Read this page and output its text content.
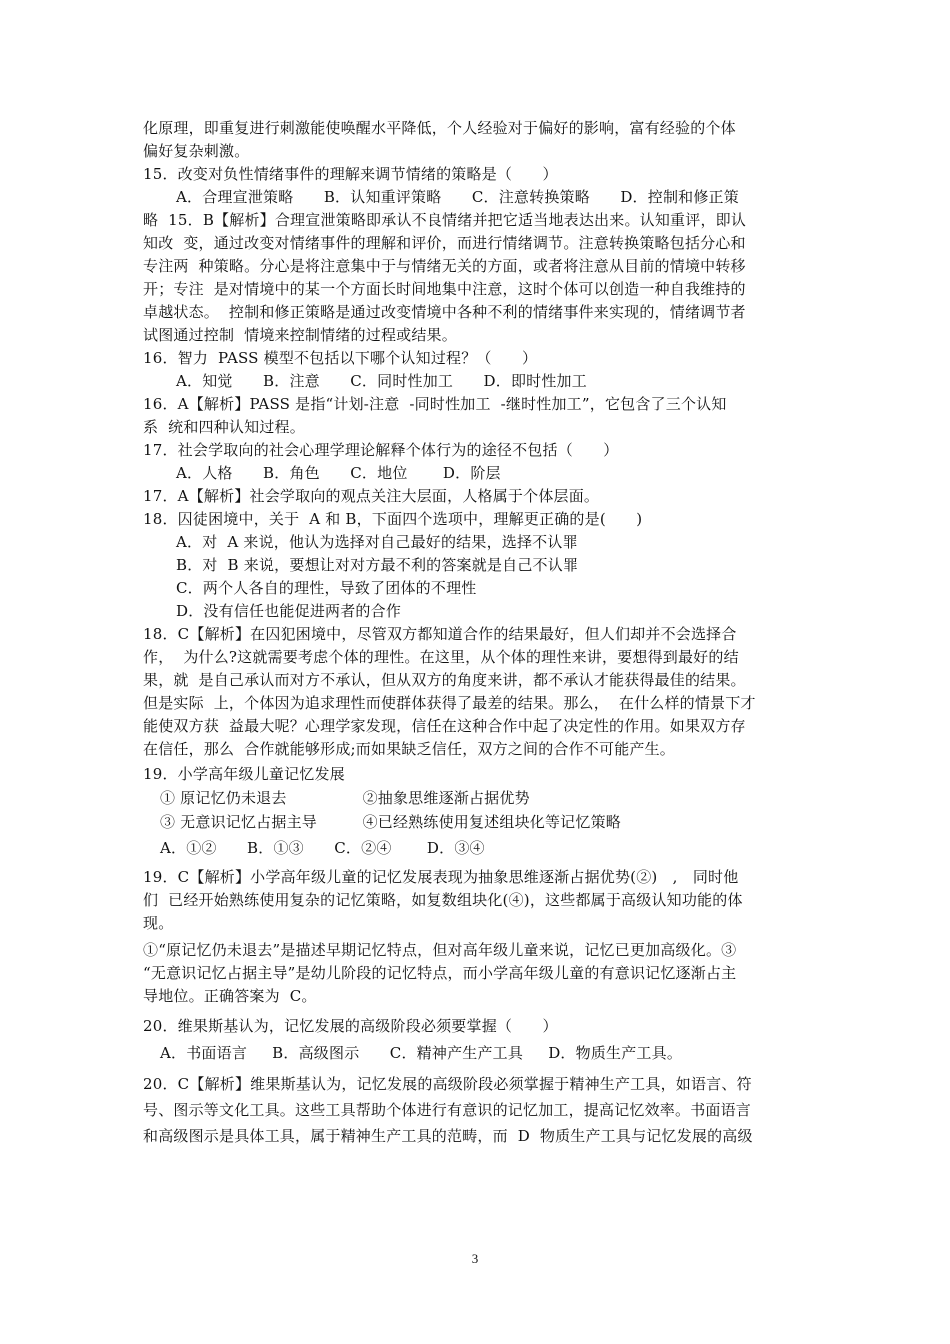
化原理，即重复进行刺激能使唤醒水平降低，个人经验对于偏好的影响，富有经验的个体
偏好复杂刺激。
15．改变对负性情绪事件的理解来调节情绪的策略是（　　）
A．合理宣泄策略　　B．认知重评策略　　C．注意转换策略　　D．控制和修正策
略  15．B【解析】合理宣泄策略即承认不良情绪并把它适当地表达出来。认知重评，即认
知改  变，通过改变对情绪事件的理解和评价，而进行情绪调节。注意转换策略包括分心和
专注两  种策略。分心是将注意集中于与情绪无关的方面，或者将注意从目前的情境中转移
开；专注  是对情境中的某一个方面长时间地集中注意，这时个体可以创造一种自我维持的
卓越状态。  控制和修正策略是通过改变情境中各种不利的情绪事件来实现的，情绪调节者
试图通过控制  情境来控制情绪的过程或结果。
16．智力  PASS 模型不包括以下哪个认知过程？（　　）
A．知觉　　B．注意　　C．同时性加工　　D．即时性加工
16．A【解析】PASS 是指“计划-注意  -同时性加工  -继时性加工”，它包含了三个认知
系  统和四种认知过程。
17．社会学取向的社会心理学理论解释个体行为的途径不包括（　　）
A．人格　　B．角色　　C．地位　　 D．阶层
17．A【解析】社会学取向的观点关注大层面，人格属于个体层面。
18．囚徒困境中，关于  A 和 B，下面四个选项中，理解更正确的是(　　)
A．对  A 来说，他认为选择对自己最好的结果，选择不认罪
B．对  B 来说，要想让对对方最不利的答案就是自己不认罪
C．两个人各自的理性，导致了团体的不理性
D．没有信任也能促进两者的合作
18．C【解析】在囚犯困境中，尽管双方都知道合作的结果最好，但人们却并不会选择合
作，  为什么?这就需要考虑个体的理性。在这里，从个体的理性来讲，要想得到最好的结
果，就  是自己承认而对方不承认，但从双方的角度来讲，都不承认才能获得最佳的结果。
但是实际  上，个体因为追求理性而使群体获得了最差的结果。那么，  在什么样的情景下才
能使双方获  益最大呢？心理学家发现，信任在这种合作中起了决定性的作用。如果双方存
在信任，那么  合作就能够形成;而如果缺乏信任，双方之间的合作不可能产生。
19．小学高年级儿童记忆发展
① 原记忆仍未退去　　　　　②抽象思维逐渐占据优势
③ 无意识记忆占据主导　　　④已经熟练使用复述组块化等记忆策略
A．①②　　B．①③　　C．②④　　 D．③④
19．C【解析】小学高年级儿童的记忆发展表现为抽象思维逐渐占据优势(②)　,　同时他
们  已经开始熟练使用复杂的记忆策略，如复数组块化(④)，这些都属于高级认知功能的体
现。
①“原记忆仍未退去”是描述早期记忆特点，但对高年级儿童来说，记忆已更加高级化。③
“无意识记忆占据主导”是幼儿阶段的记忆特点，而小学高年级儿童的有意识记忆逐渐占主
导地位。正确答案为  C。
20．维果斯基认为，记忆发展的高级阶段必须要掌握（　　）
A．书面语言　  B．高级图示　　C．精神产生产工具　  D．物质生产工具。
20．C【解析】维果斯基认为，记忆发展的高级阶段必须掌握于精神生产工具，如语言、符
号、图示等文化工具。这些工具帮助个体进行有意识的记忆加工，提高记忆效率。书面语言
和高级图示是具体工具，属于精神生产工具的范畴，而  D  物质生产工具与记忆发展的高级
3
